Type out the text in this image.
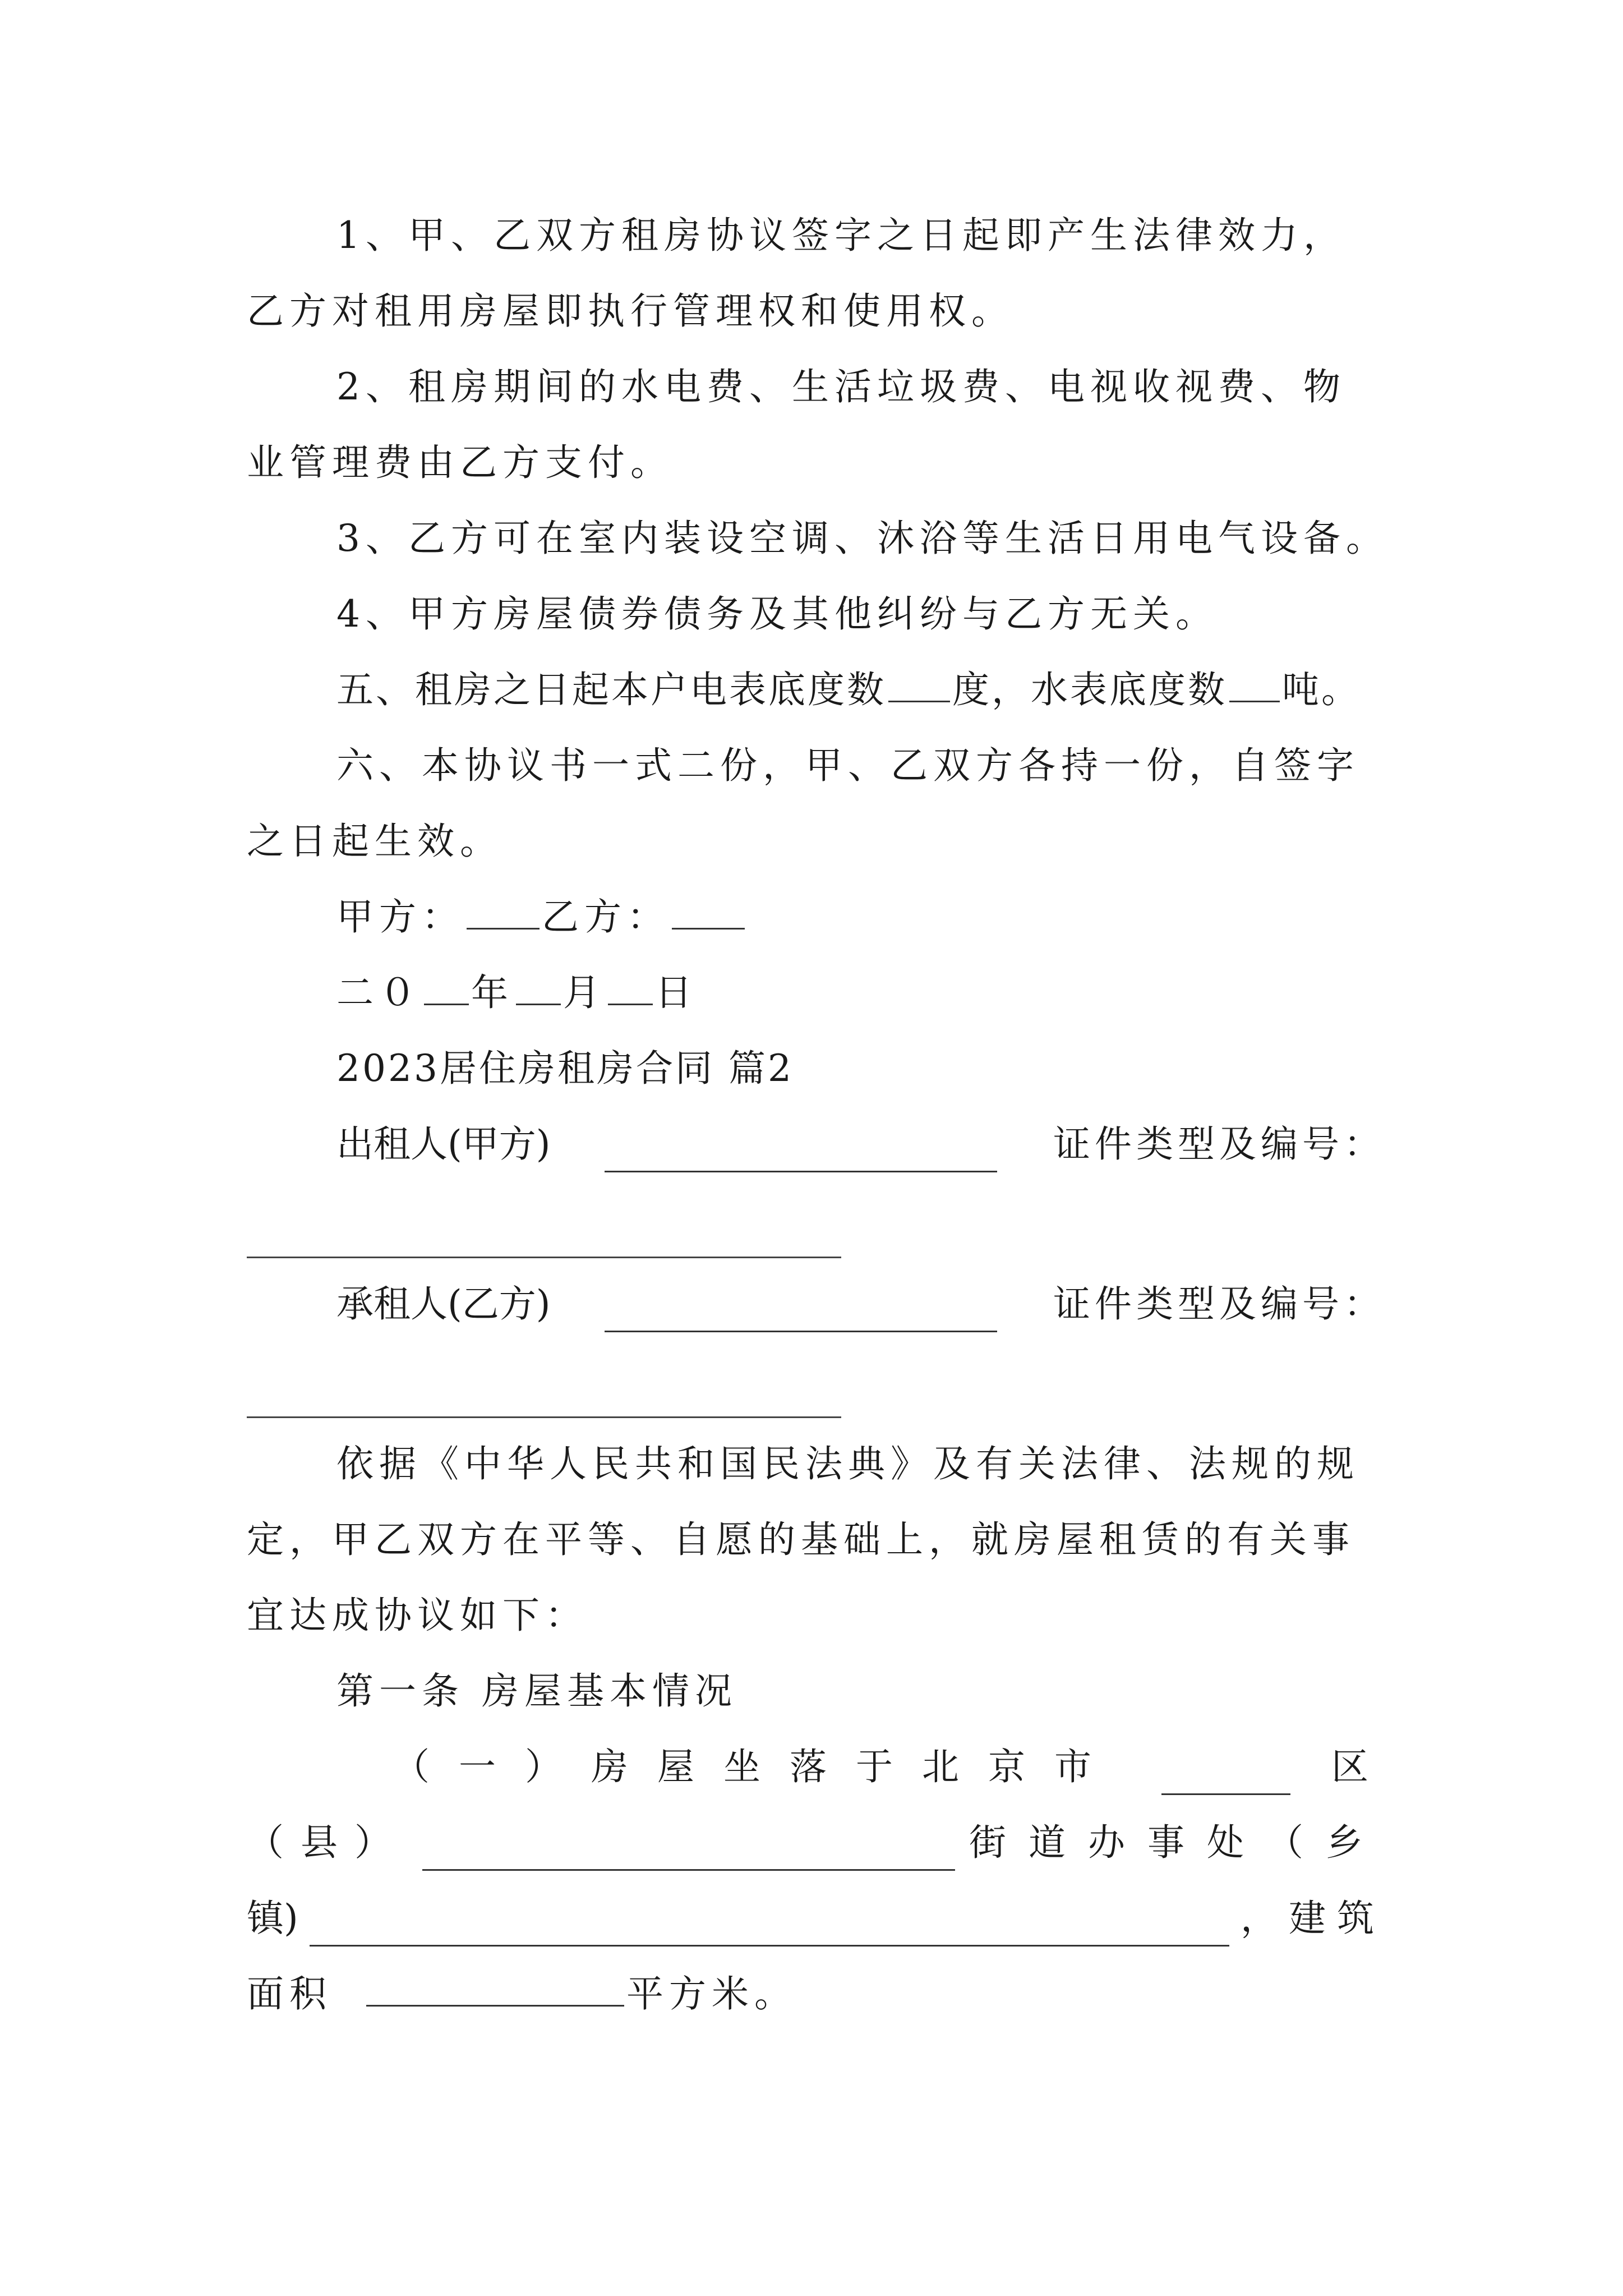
1、甲、乙双方租房协议签字之日起即产生法律效力，
乙方对租用房屋即执行管理权和使用权。
2、租房期间的水电费、生活垃圾费、电视收视费、物
业管理费由乙方支付。
3、乙方可在室内装设空调、沐浴等生活日用电气设备。
4、甲方房屋债券债务及其他纠纷与乙方无关。
五、租房之日起本户电表底度数 度，水表底度数 吨。
六、本协议书一式二份，甲、乙双方各持一份，自签字
之日起生效。
甲方： 乙方：
二０ 年 月 日
2023居住房租房合同 篇2
出租人(甲方)	证件类型及编号：
承租人(乙方)	证件类型及编号：
依据《中华人民共和国民法典》及有关法律、法规的规
定，甲乙双方在平等、自愿的基础上，就房屋租赁的有关事
宜达成协议如下：
第一条 房屋基本情况
（一）房屋坐落于北京市	区
（县）	街道办事处（乡
镇)	，建筑
面积	平方米。
